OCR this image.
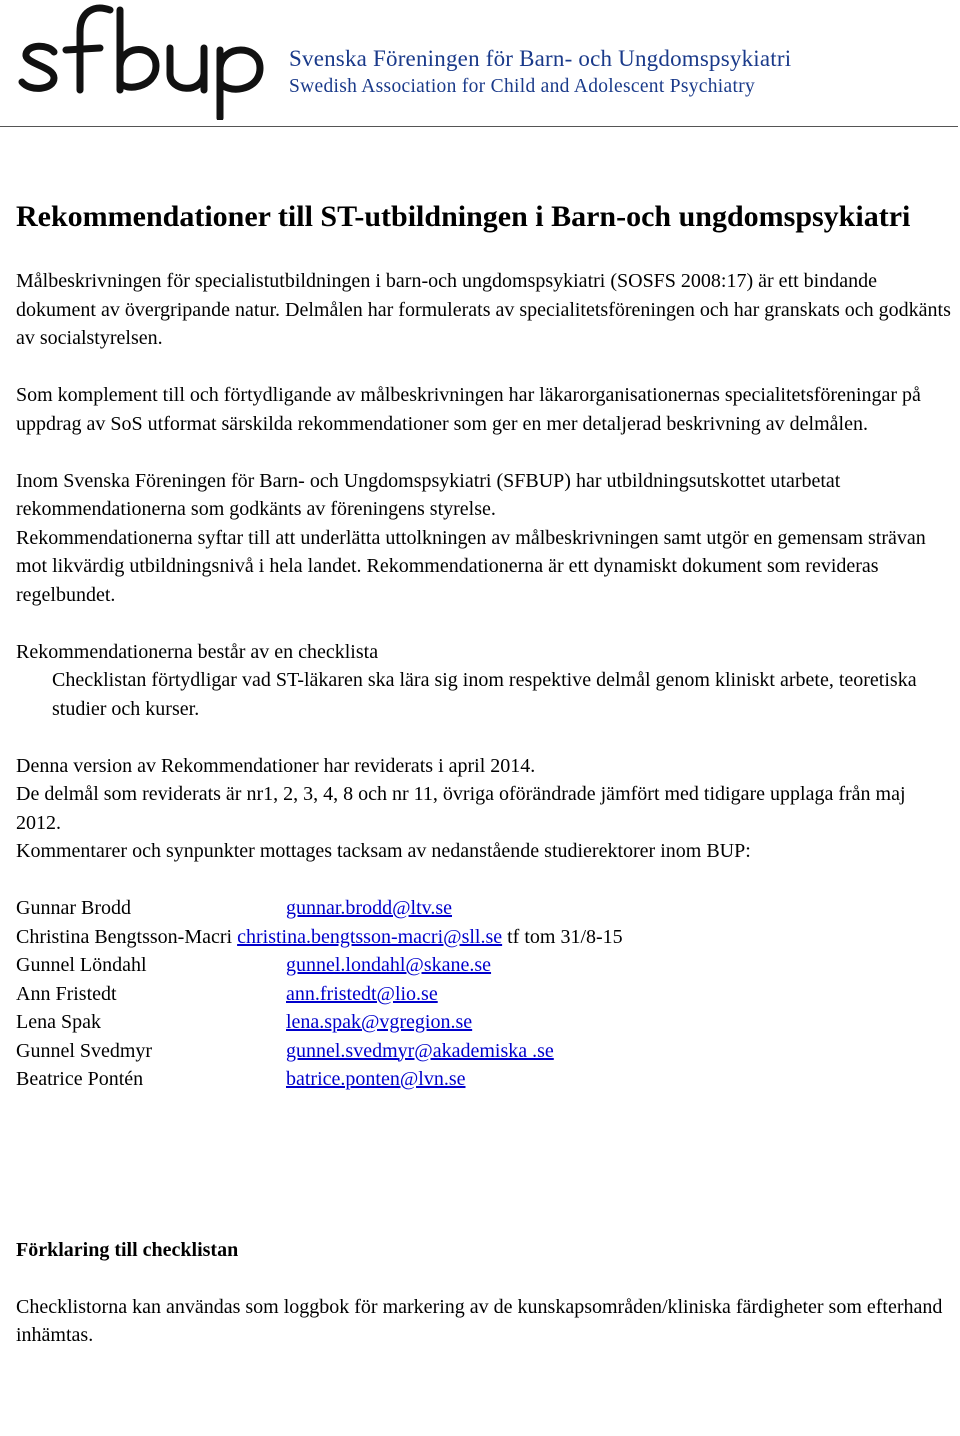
Svenska Föreningen för Barn- och Ungdomspsykiatri
Swedish Association for Child and Adolescent Psychiatry
Rekommendationer till ST-utbildningen i Barn-och ungdomspsykiatri

Målbeskrivningen för specialistutbildningen i barn-och ungdomspsykiatri (SOSFS 2008:17) är ett bindande dokument av övergripande natur. Delmålen har formulerats av specialitetsföreningen och har granskats och godkänts av socialstyrelsen.

Som komplement till och förtydligande av målbeskrivningen har läkarorganisationernas specialitetsföreningar på uppdrag av SoS utformat särskilda rekommendationer som ger en mer detaljerad beskrivning av delmålen.

Inom Svenska Föreningen för Barn- och Ungdomspsykiatri (SFBUP) har utbildningsutskottet utarbetat rekommendationerna som godkänts av föreningens styrelse.

Rekommendationerna syftar till att underlätta uttolkningen av målbeskrivningen samt utgör en gemensam strävan mot likvärdig utbildningsnivå i hela landet. Rekommendationerna är ett dynamiskt dokument som revideras regelbundet.

Rekommendationerna består av en checklista

Checklistan förtydligar vad ST-läkaren ska lära sig inom respektive delmål genom kliniskt arbete, teoretiska studier och kurser.

Denna version av Rekommendationer har reviderats i april 2014.

De delmål som reviderats är nr1, 2, 3, 4, 8 och nr 11, övriga oförändrade jämfört med tidigare upplaga från maj 2012.

Kommentarer och synpunkter mottages tacksam av nedanstående studierektorer inom BUP:

Gunnar Brodd	gunnar.brodd@ltv.se
Christina Bengtsson-Macri christina.bengtsson-macri@sll.se tf tom 31/8-15	
Gunnel Löndahl	gunnel.londahl@skane.se
Ann Fristedt	ann.fristedt@lio.se
Lena Spak	lena.spak@vgregion.se
Gunnel Svedmyr	gunnel.svedmyr@akademiska .se
Beatrice Pontén	batrice.ponten@lvn.se
Förklaring till checklistan

Checklistorna kan användas som loggbok för markering av de kunskapsområden/kliniska färdigheter som efterhand inhämtas.
